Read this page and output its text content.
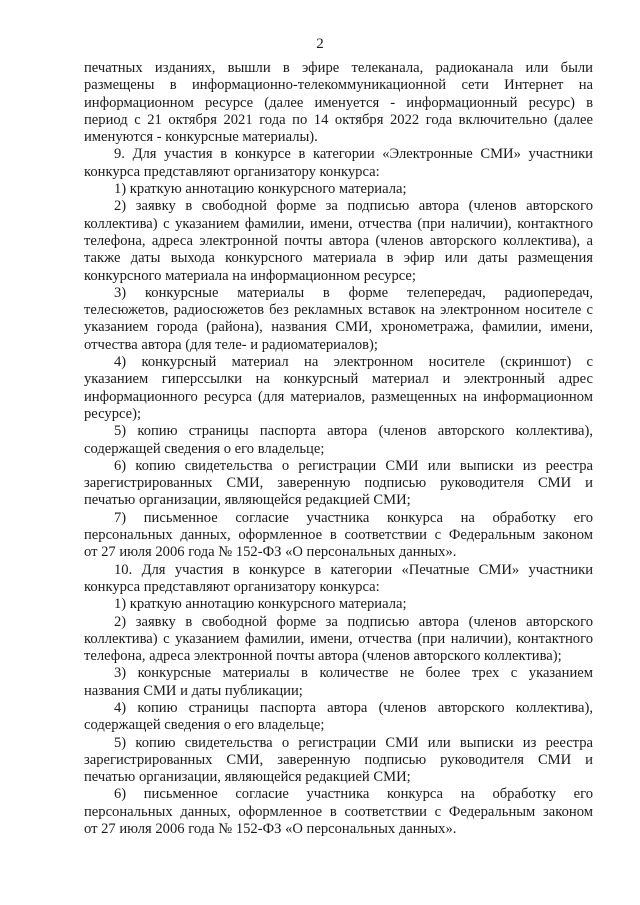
2
печатных изданиях, вышли в эфире телеканала, радиоканала или были
размещены в информационно-телекоммуникационной сети Интернет на
информационном ресурсе (далее именуется - информационный ресурс) в
период с 21 октября 2021 года по 14 октября 2022 года включительно (далее
именуются - конкурсные материалы).
9. Для участия в конкурсе в категории «Электронные СМИ» участники
конкурса представляют организатору конкурса:
1) краткую аннотацию конкурсного материала;
2) заявку в свободной форме за подписью автора (членов авторского
коллектива) с указанием фамилии, имени, отчества (при наличии), контактного
телефона, адреса электронной почты автора (членов авторского коллектива), а
также даты выхода конкурсного материала в эфир или даты размещения
конкурсного материала на информационном ресурсе;
3) конкурсные материалы в форме телепередач, радиопередач,
телесюжетов, радиосюжетов без рекламных вставок на электронном носителе с
указанием города (района), названия СМИ, хронометража, фамилии, имени,
отчества автора (для теле- и радиоматериалов);
4) конкурсный материал на электронном носителе (скриншот) с
указанием гиперссылки на конкурсный материал и электронный адрес
информационного ресурса (для материалов, размещенных на информационном
ресурсе);
5) копию страницы паспорта автора (членов авторского коллектива),
содержащей сведения о его владельце;
6) копию свидетельства о регистрации СМИ или выписки из реестра
зарегистрированных СМИ, заверенную подписью руководителя СМИ и
печатью организации, являющейся редакцией СМИ;
7) письменное согласие участника конкурса на обработку его
персональных данных, оформленное в соответствии с Федеральным законом
от 27 июля 2006 года № 152-ФЗ «О персональных данных».
10. Для участия в конкурсе в категории «Печатные СМИ» участники
конкурса представляют организатору конкурса:
1) краткую аннотацию конкурсного материала;
2) заявку в свободной форме за подписью автора (членов авторского
коллектива) с указанием фамилии, имени, отчества (при наличии), контактного
телефона, адреса электронной почты автора (членов авторского коллектива);
3) конкурсные материалы в количестве не более трех с указанием
названия СМИ и даты публикации;
4) копию страницы паспорта автора (членов авторского коллектива),
содержащей сведения о его владельце;
5) копию свидетельства о регистрации СМИ или выписки из реестра
зарегистрированных СМИ, заверенную подписью руководителя СМИ и
печатью организации, являющейся редакцией СМИ;
6) письменное согласие участника конкурса на обработку его
персональных данных, оформленное в соответствии с Федеральным законом
от 27 июля 2006 года № 152-ФЗ «О персональных данных».
